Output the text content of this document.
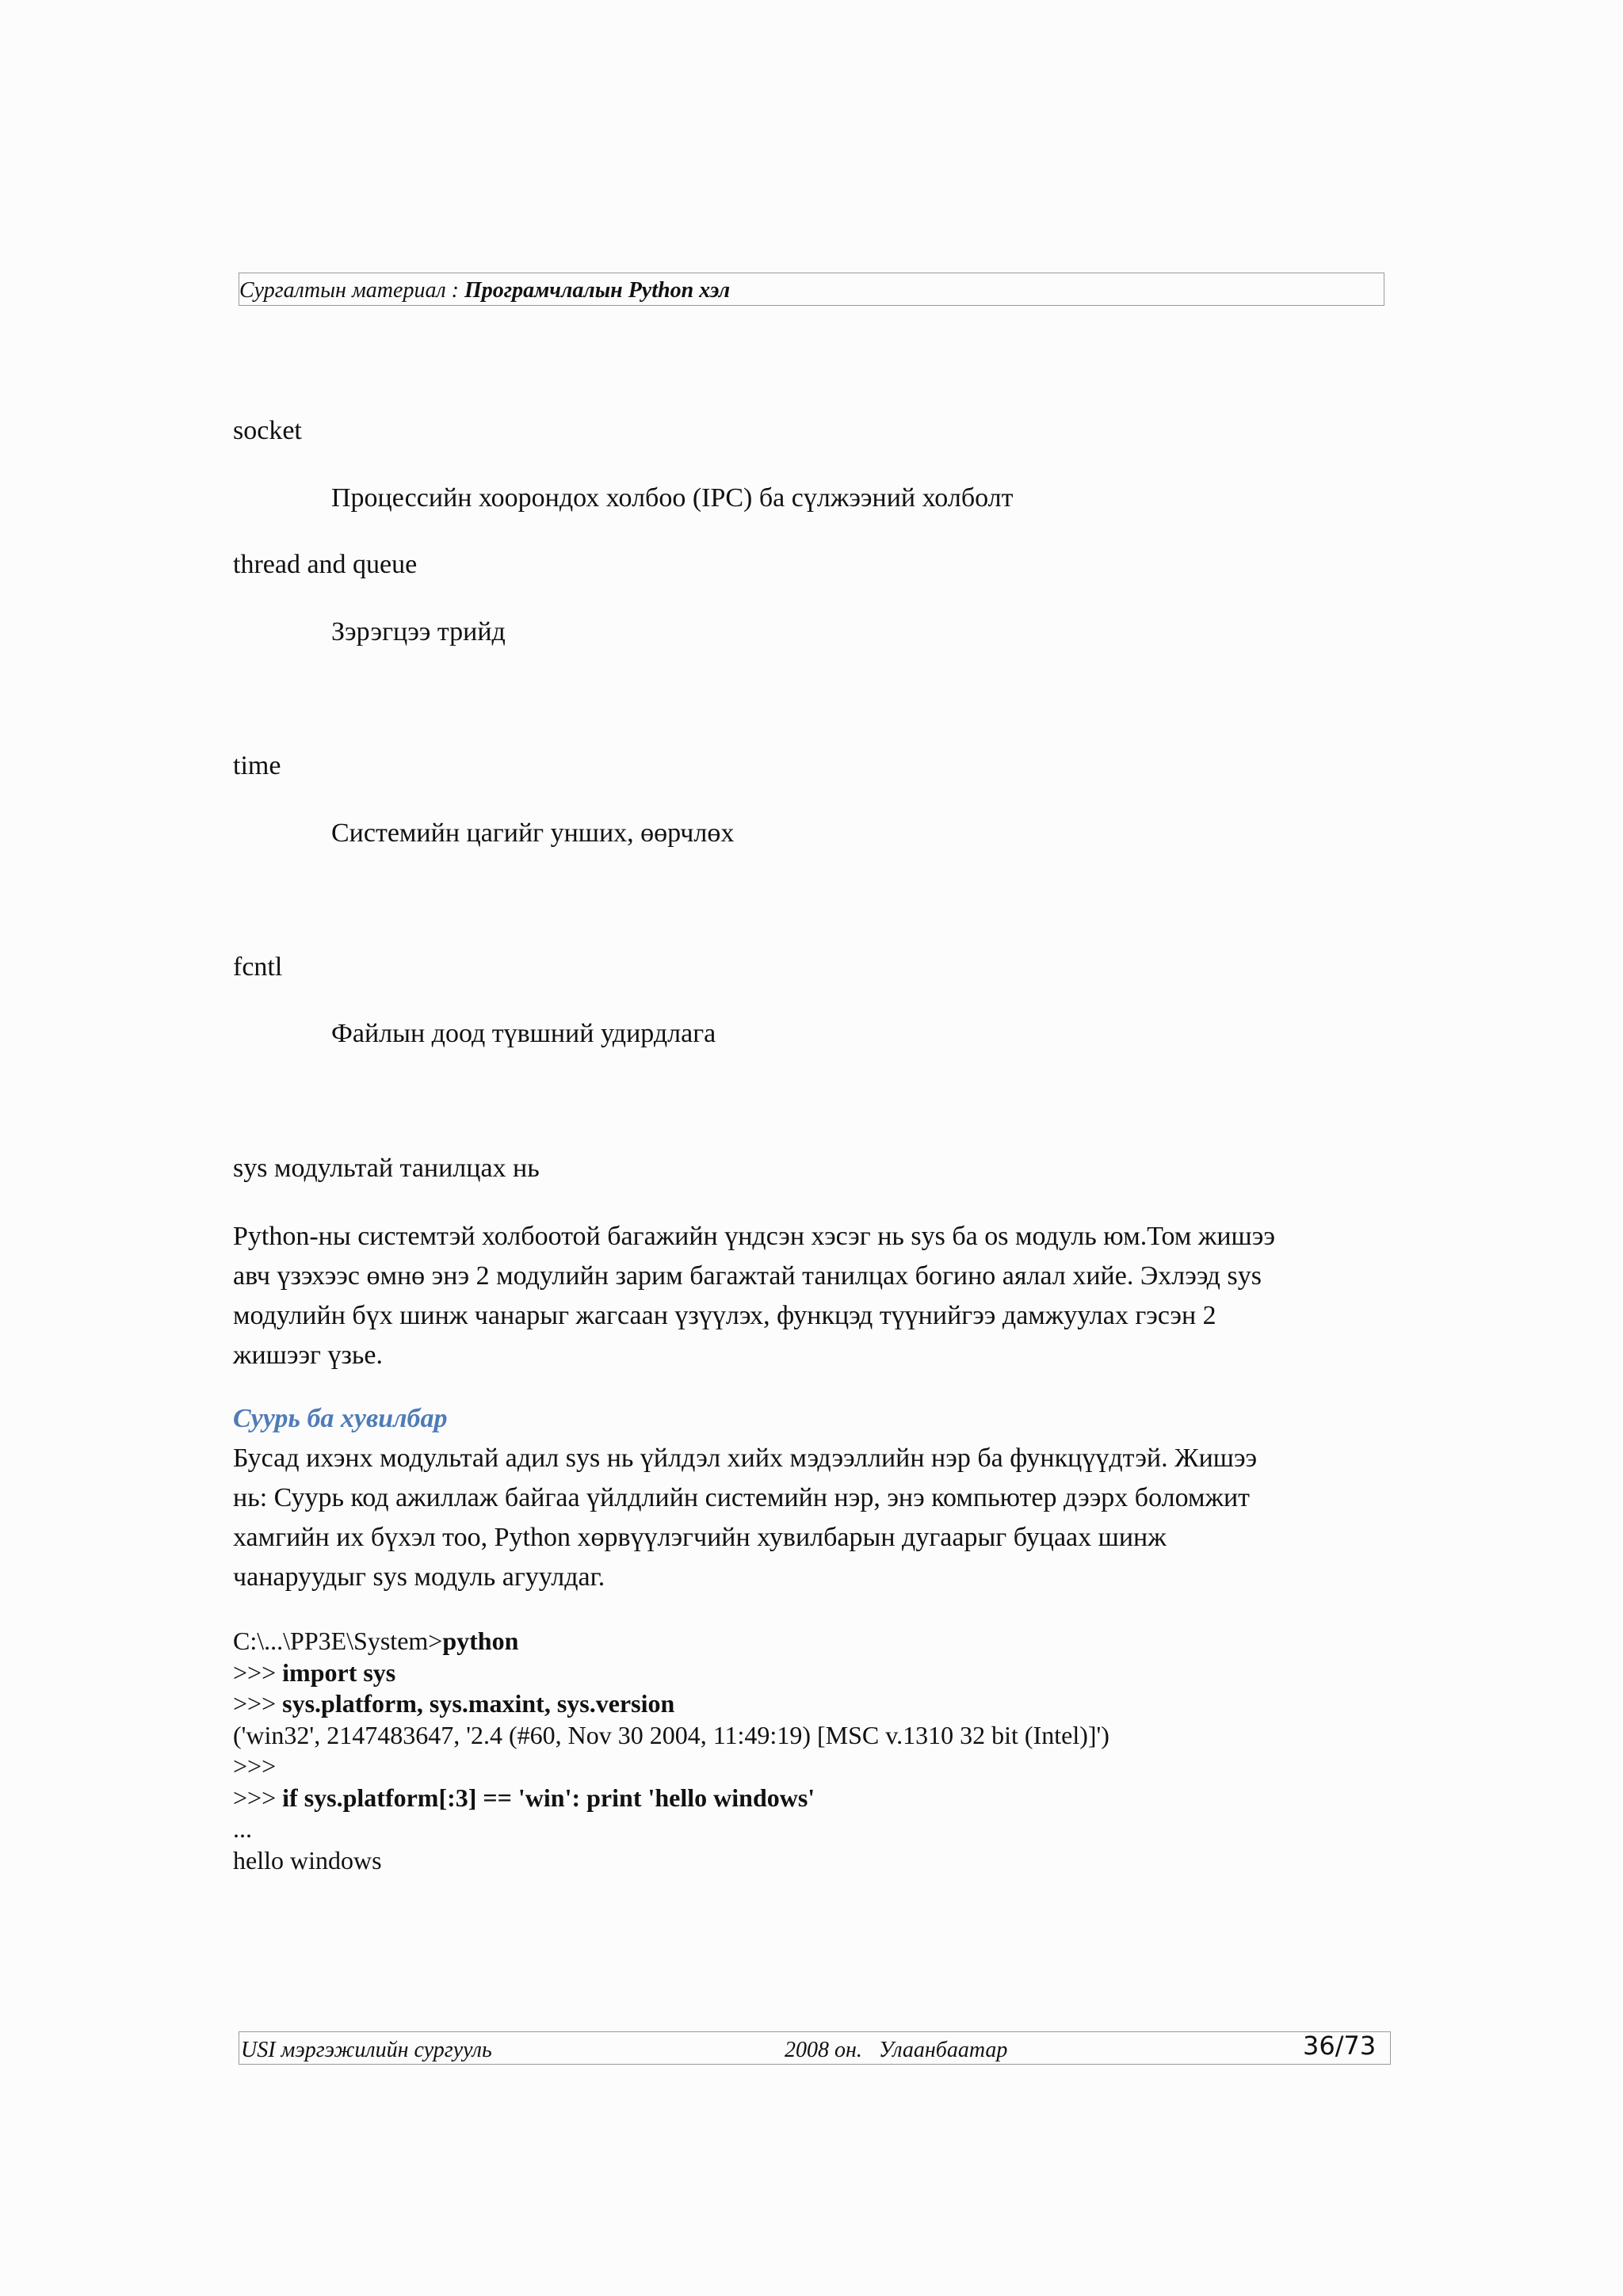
Сургалтын материал : Програмчлалын Python хэл
socket
Процессийн хоорондох холбоо (IPC) ба сүлжээний холболт
thread and queue
Зэрэгцээ трийд
time
Системийн цагийг унших, өөрчлөх
fcntl
Файлын доод түвшний удирдлага
sys модультай танилцах нь
Python-ны системтэй холбоотой багажийн үндсэн хэсэг нь sys ба os модуль юм.Том жишээ
авч үзэхээс өмнө энэ 2 модулийн зарим багажтай танилцах богино аялал хийе. Эхлээд sys
модулийн бүх шинж чанарыг жагсаан үзүүлэх, функцэд түүнийгээ дамжуулах гэсэн 2
жишээг үзье.
Суурь ба хувилбар
Бусад ихэнх модультай адил sys нь үйлдэл хийх мэдээллийн нэр ба функцүүдтэй. Жишээ
нь: Суурь код ажиллаж байгаа үйлдлийн системийн нэр, энэ компьютер дээрх боломжит
хамгийн их бүхэл тоо, Python хөрвүүлэгчийн хувилбарын дугаарыг буцаах шинж
чанаруудыг sys модуль агуулдаг.
C:\...\PP3E\System>python
>>> import sys
>>> sys.platform, sys.maxint, sys.version
('win32', 2147483647, '2.4 (#60, Nov 30 2004, 11:49:19) [MSC v.1310 32 bit (Intel)]')
>>>
>>> if sys.platform[:3] == 'win': print 'hello windows'
...
hello windows
USI мэргэжилийн сургууль	2008 он.   Улаанбаатар	36/73
